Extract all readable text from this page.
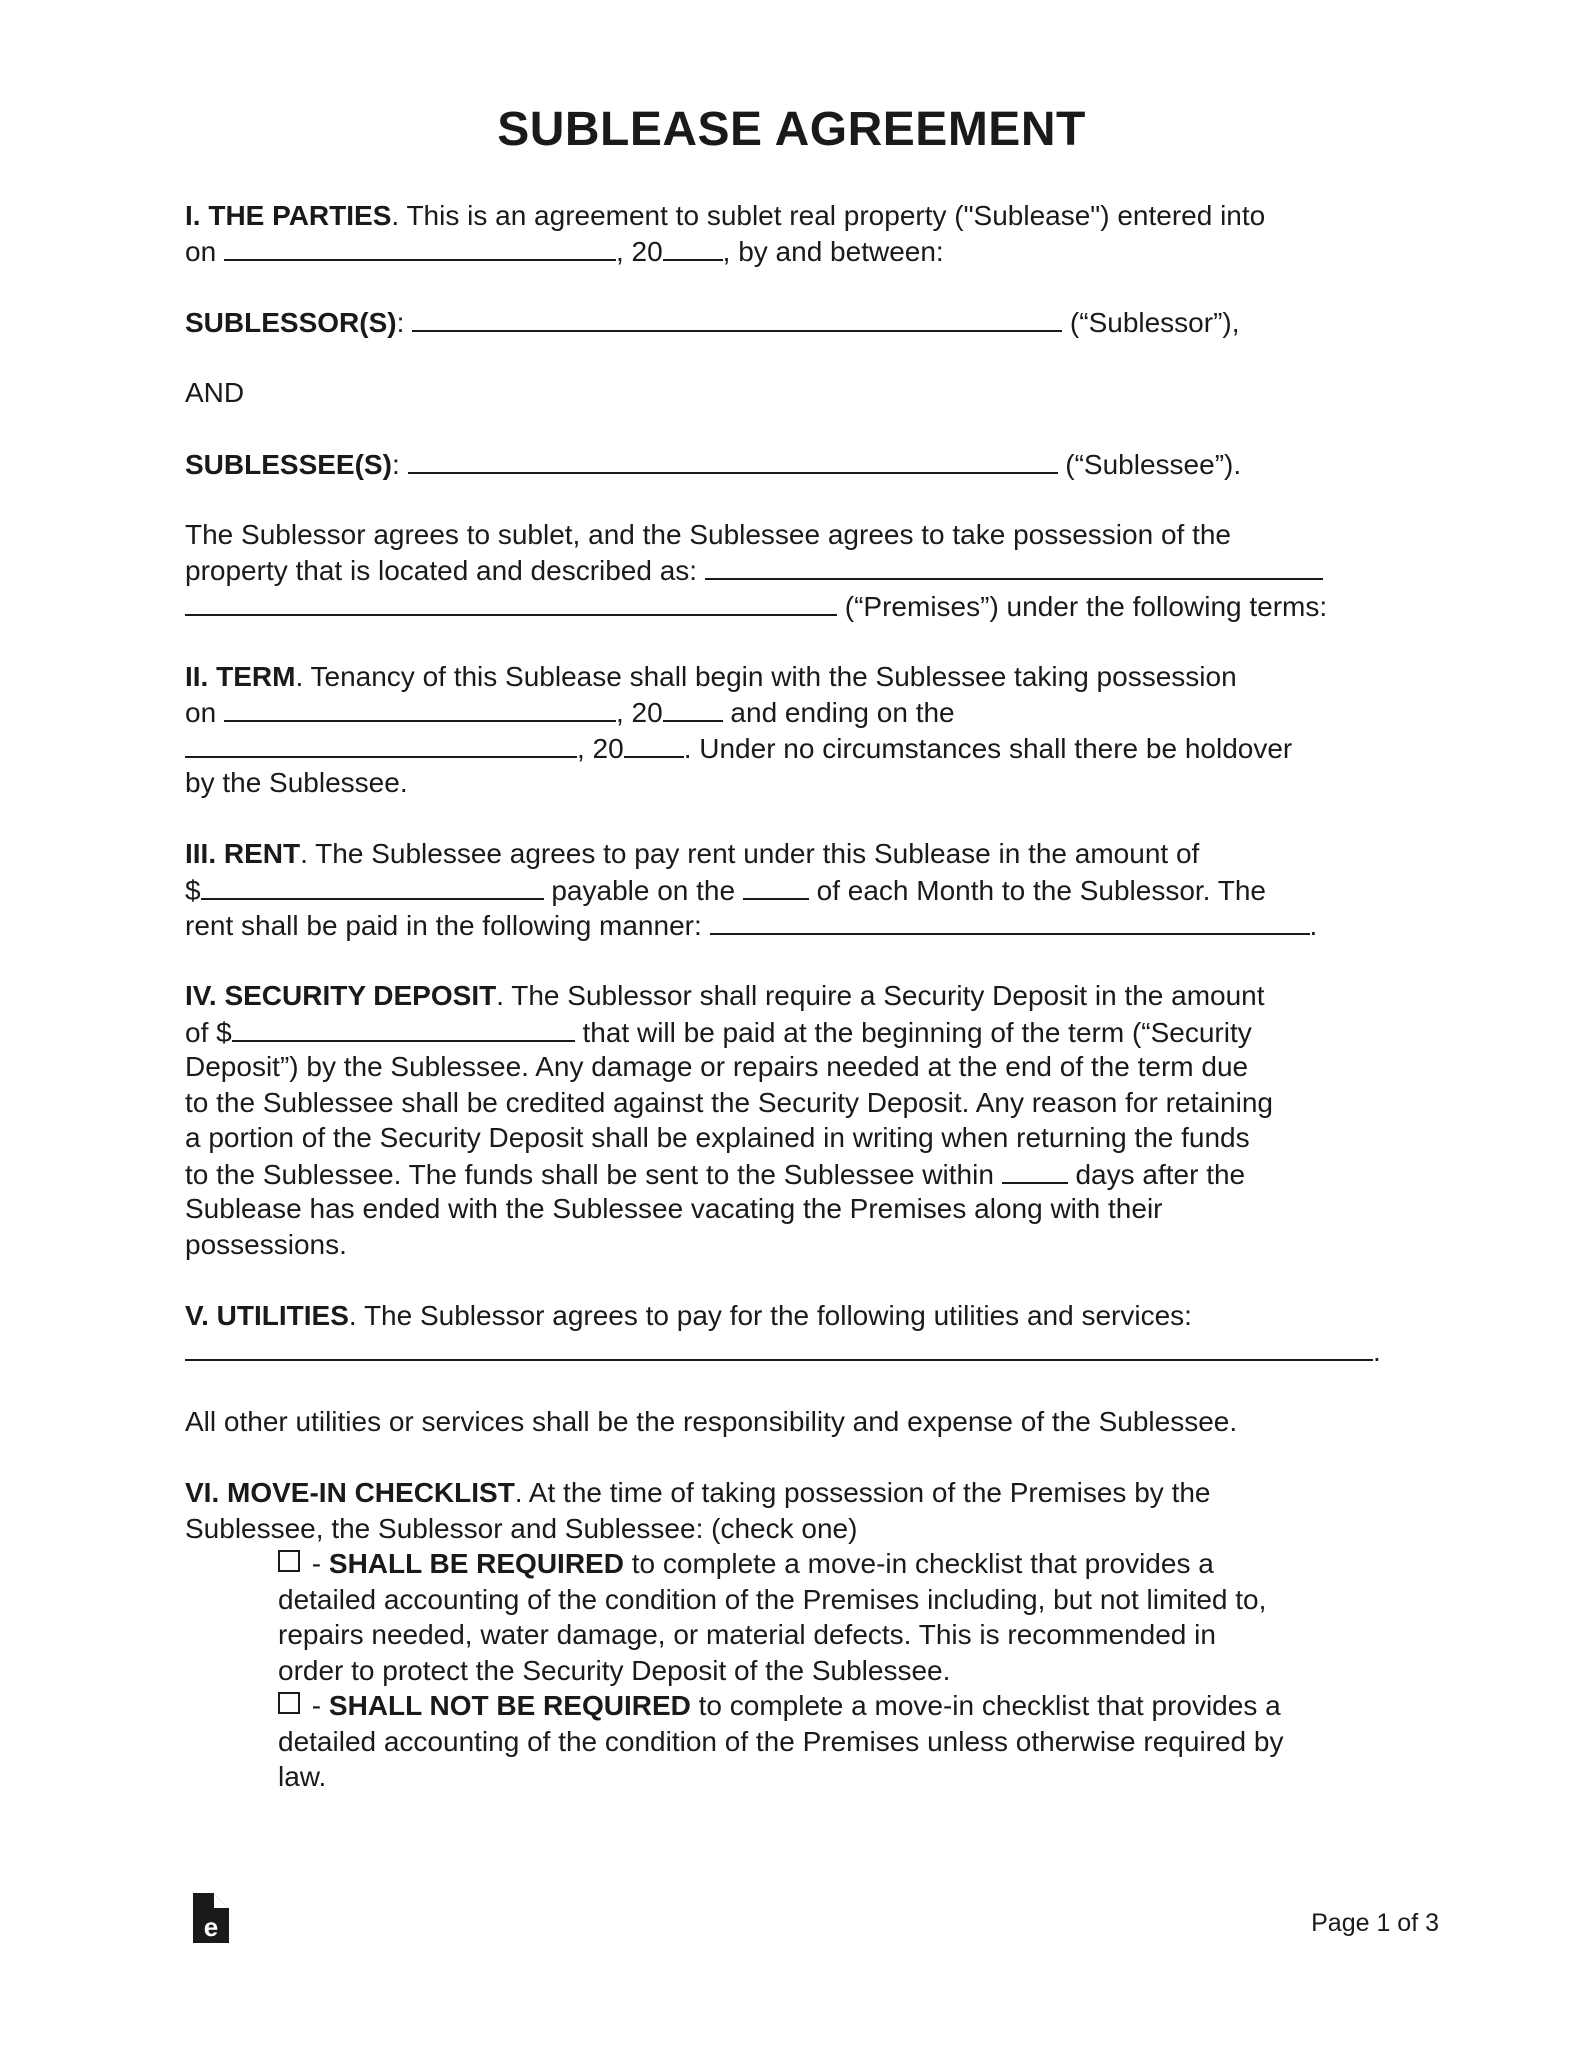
SUBLEASE AGREEMENT
I. THE PARTIES. This is an agreement to sublet real property ("Sublease") entered into
on	, 20 , by and between:
SUBLESSOR(S):	(“Sublessor”),
AND
SUBLESSEE(S):	(“Sublessee”).
The Sublessor agrees to sublet, and the Sublessee agrees to take possession of the
property that is located and described as:
(“Premises”) under the following terms:
II. TERM. Tenancy of this Sublease shall begin with the Sublessee taking possession
on	, 20 and ending on the
, 20 . Under no circumstances shall there be holdover
by the Sublessee.
III. RENT. The Sublessee agrees to pay rent under this Sublease in the amount of
$	payable on the	of each Month to the Sublessor. The
rent shall be paid in the following manner:	.
IV. SECURITY DEPOSIT. The Sublessor shall require a Security Deposit in the amount
of $	that will be paid at the beginning of the term (“Security
Deposit”) by the Sublessee. Any damage or repairs needed at the end of the term due
to the Sublessee shall be credited against the Security Deposit. Any reason for retaining
a portion of the Security Deposit shall be explained in writing when returning the funds
to the Sublessee. The funds shall be sent to the Sublessee within	days after the
Sublease has ended with the Sublessee vacating the Premises along with their
possessions.
V. UTILITIES. The Sublessor agrees to pay for the following utilities and services:
.
All other utilities or services shall be the responsibility and expense of the Sublessee.
VI. MOVE-IN CHECKLIST. At the time of taking possession of the Premises by the
Sublessee, the Sublessor and Sublessee: (check one)
- SHALL BE REQUIRED to complete a move-in checklist that provides a
detailed accounting of the condition of the Premises including, but not limited to,
repairs needed, water damage, or material defects. This is recommended in
order to protect the Security Deposit of the Sublessee.
- SHALL NOT BE REQUIRED to complete a move-in checklist that provides a
detailed accounting of the condition of the Premises unless otherwise required by
law.
e	Page 1 of 3
